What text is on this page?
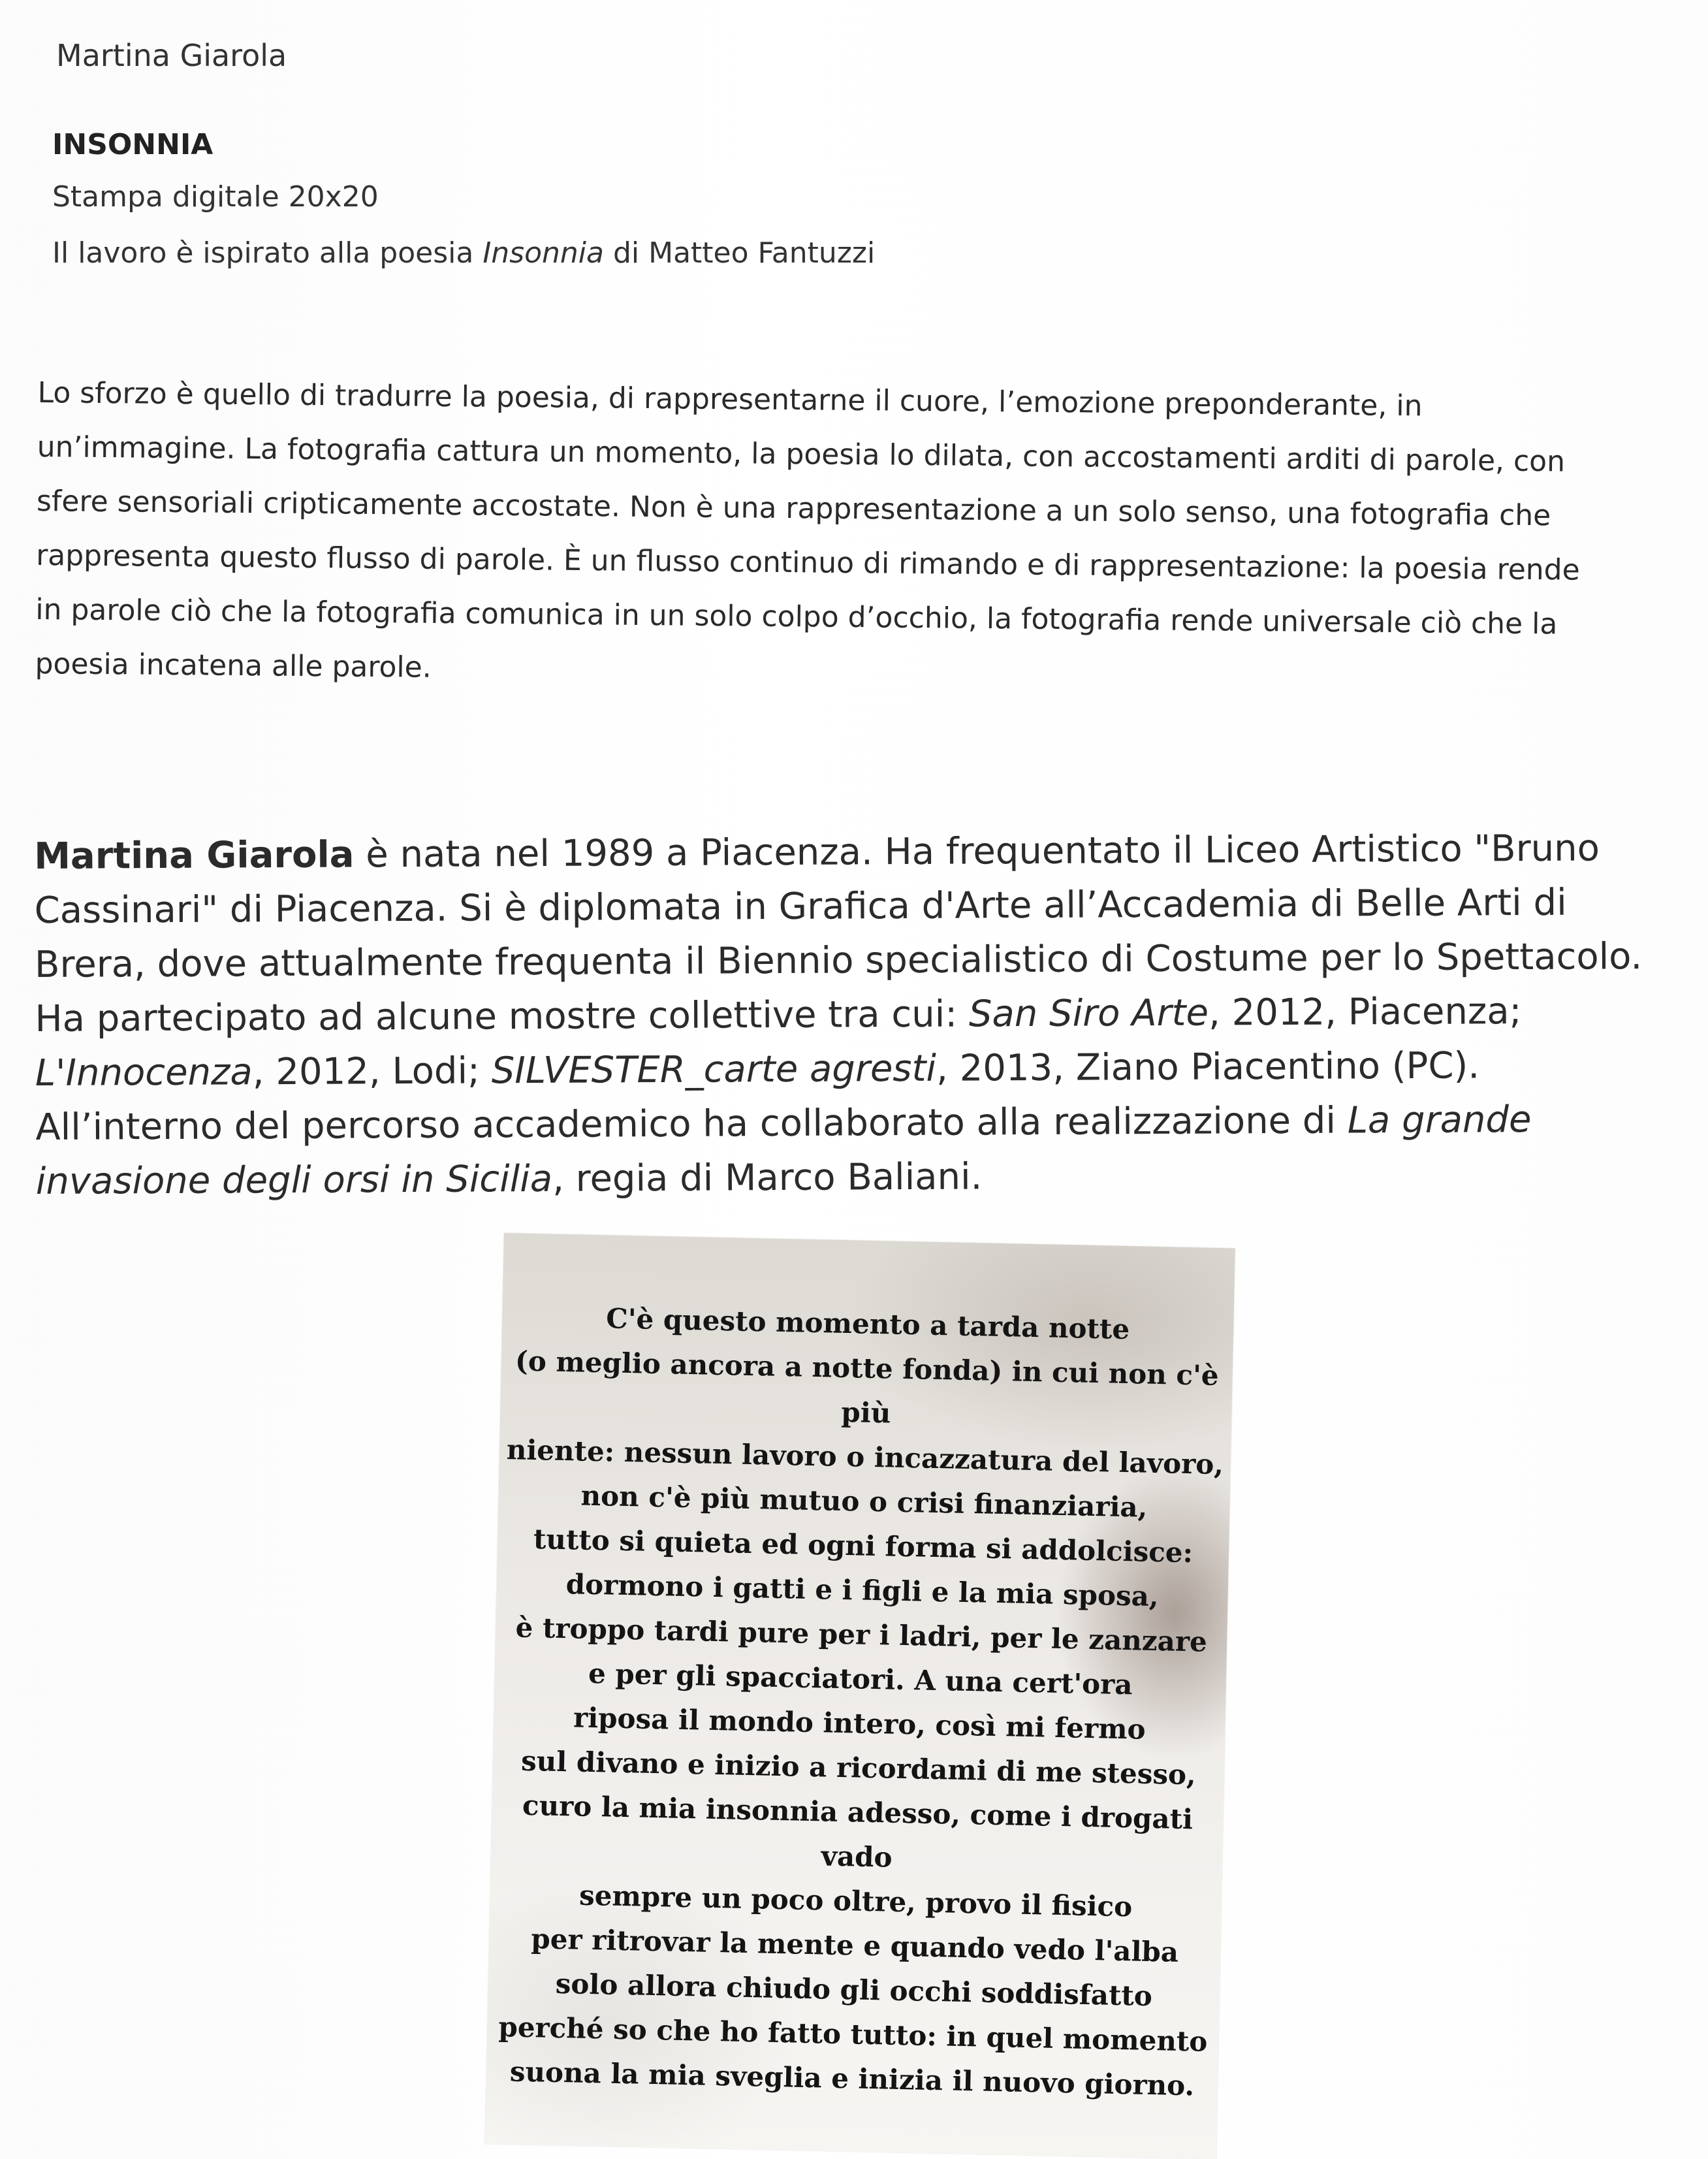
Martina Giarola
INSONNIA
Stampa digitale 20x20
Il lavoro è ispirato alla poesia Insonnia di Matteo Fantuzzi

Lo sforzo è quello di tradurre la poesia, di rappresentarne il cuore, l’emozione preponderante, in
un’immagine. La fotografia cattura un momento, la poesia lo dilata, con accostamenti arditi di parole, con
sfere sensoriali cripticamente accostate. Non è una rappresentazione a un solo senso, una fotografia che
rappresenta questo flusso di parole. È un flusso continuo di rimando e di rappresentazione: la poesia rende
in parole ciò che la fotografia comunica in un solo colpo d’occhio, la fotografia rende universale ciò che la
poesia incatena alle parole.

Martina Giarola è nata nel 1989 a Piacenza. Ha frequentato il Liceo Artistico "Bruno
Cassinari" di Piacenza. Si è diplomata in Grafica d'Arte all’Accademia di Belle Arti di
Brera, dove attualmente frequenta il Biennio specialistico di Costume per lo Spettacolo.
Ha partecipato ad alcune mostre collettive tra cui: San Siro Arte, 2012, Piacenza;
L'Innocenza, 2012, Lodi; SILVESTER_carte agresti, 2013, Ziano Piacentino (PC).
All’interno del percorso accademico ha collaborato alla realizzazione di La grande
invasione degli orsi in Sicilia, regia di Marco Baliani.

C'è questo momento a tarda notte
(o meglio ancora a notte fonda) in cui non c'è
più
niente: nessun lavoro o incazzatura del lavoro,
non c'è più mutuo o crisi finanziaria,
tutto si quieta ed ogni forma si addolcisce:
dormono i gatti e i figli e la mia sposa,
è troppo tardi pure per i ladri, per le zanzare
e per gli spacciatori. A una cert'ora
riposa il mondo intero, così mi fermo
sul divano e inizio a ricordami di me stesso,
curo la mia insonnia adesso, come i drogati
vado
sempre un poco oltre, provo il fisico
per ritrovar la mente e quando vedo l'alba
solo allora chiudo gli occhi soddisfatto
perché so che ho fatto tutto: in quel momento
suona la mia sveglia e inizia il nuovo giorno.
